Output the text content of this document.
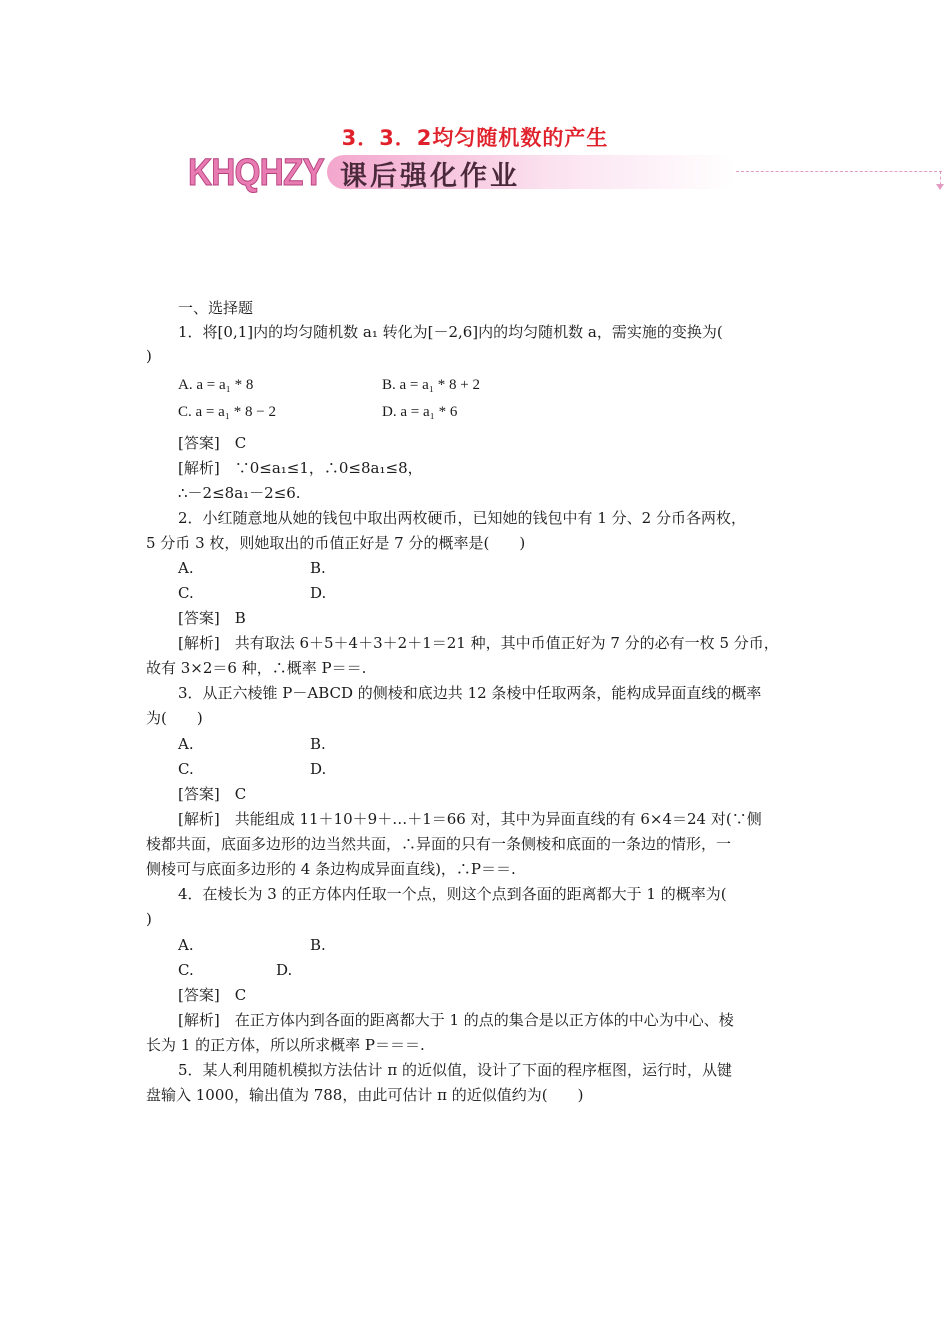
3．3．2均匀随机数的产生
KHQHZY 课后强化作业
一、选择题
1．将[0,1]内的均匀随机数 a₁ 转化为[－2,6]内的均匀随机数 a，需实施的变换为(
)
A. a = a₁ * 8	B. a = a₁ * 8 + 2
C. a = a₁ * 8 − 2	D. a = a₁ * 6
[答案]　C
[解析]　∵0≤a₁≤1，∴0≤8a₁≤8，
∴－2≤8a₁－2≤6.
2．小红随意地从她的钱包中取出两枚硬币，已知她的钱包中有 1 分、2 分币各两枚，
5 分币 3 枚，则她取出的币值正好是 7 分的概率是(　　)
A.	B.
C.	D.
[答案]　B
[解析]　共有取法 6＋5＋4＋3＋2＋1＝21 种，其中币值正好为 7 分的必有一枚 5 分币，
故有 3×2＝6 种，∴概率 P＝＝.
3．从正六棱锥 P－ABCD 的侧棱和底边共 12 条棱中任取两条，能构成异面直线的概率
为(　　)
A.	B.
C.	D.
[答案]　C
[解析]　共能组成 11＋10＋9＋…＋1＝66 对，其中为异面直线的有 6×4＝24 对(∵侧
棱都共面，底面多边形的边当然共面，∴异面的只有一条侧棱和底面的一条边的情形，一
侧棱可与底面多边形的 4 条边构成异面直线)，∴P＝＝.
4．在棱长为 3 的正方体内任取一个点，则这个点到各面的距离都大于 1 的概率为(
)
A.	B.
C.	D.
[答案]　C
[解析]　在正方体内到各面的距离都大于 1 的点的集合是以正方体的中心为中心、棱
长为 1 的正方体，所以所求概率 P＝＝＝.
5．某人利用随机模拟方法估计 π 的近似值，设计了下面的程序框图，运行时，从键
盘输入 1000，输出值为 788，由此可估计 π 的近似值约为(　　)
